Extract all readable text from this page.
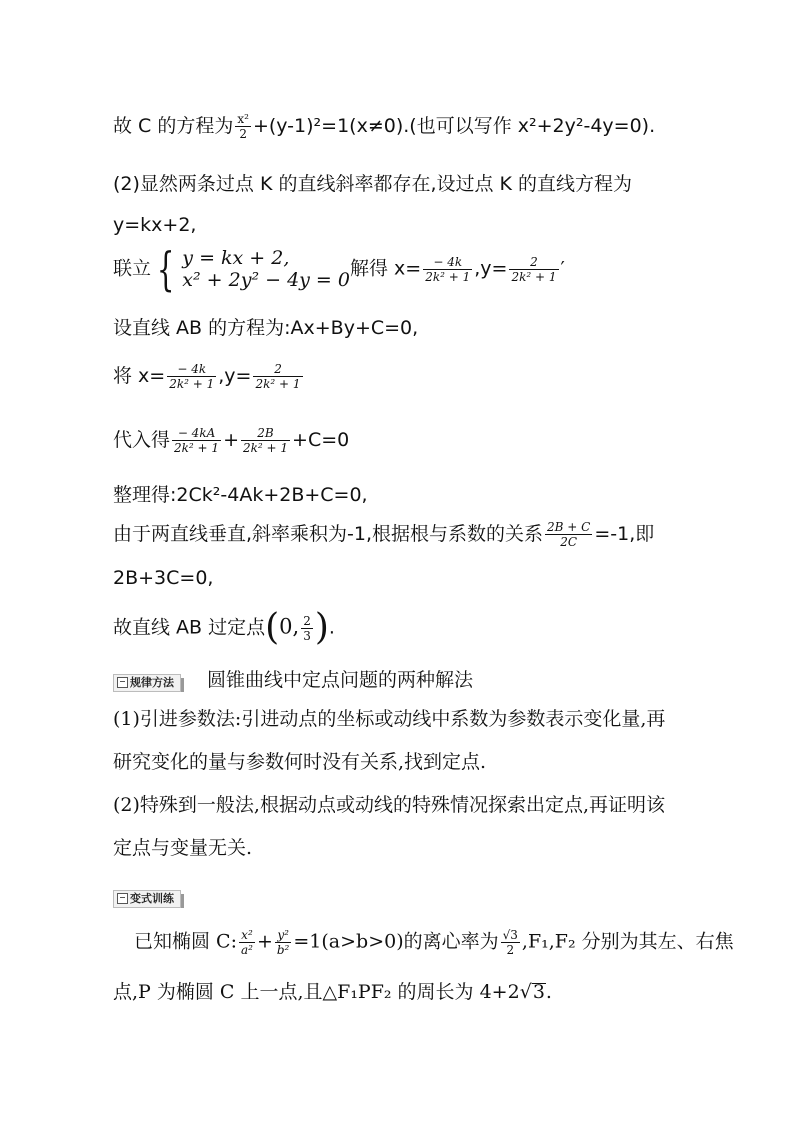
故 C 的方程为 $\frac{\text{x²}}{2} +(y-1)^2=1(x\ne 0)$.(也可以写作 x²+2y²-4y=0).
(2)显然两条过点 K 的直线斜率都存在,设过点 K 的直线方程为
y=kx+2,
联立 { y = kx + 2,
x² + 2y² − 4y = 0
解得 $x= \frac{- 4k}{\text{2k² + 1}} ,y= \frac{2}{\text{2k² + 1}}$ ′
设直线 AB 的方程为:Ax+By+C=0,
将 $x= \frac{- 4k}{\text{2k² + 1}} ,y= \frac{2}{\text{2k² + 1}}$
代入得 $\frac{- 4kA}{\text{2k² + 1}} + \frac{2B}{\text{2k² + 1}} +C=0$
整理得:2Ck²-4Ak+2B+C=0,
由于两直线垂直,斜率乘积为-1,根据根与系数的关系 $\frac{2B + C}{2C} =-1$,即
2B+3C=0,
故直线 AB 过定点(0, $\frac{2}{3}$ ).
规律方法 圆锥曲线中定点问题的两种解法
(1)引进参数法:引进动点的坐标或动线中系数为参数表示变化量,再
研究变化的量与参数何时没有关系,找到定点.
(2)特殊到一般法,根据动点或动线的特殊情况探索出定点,再证明该
定点与变量无关.
变式训练
已知椭圆 C: $\frac{\text{x²}}{\text{a²}} + \frac{\text{y²}}{\text{b²}} =1(a>b>0)$的离心率为 $\frac{√3}{2} ,F_1,F_2$ 分别为其左、右焦
点,P 为椭圆 C 上一点,且△F₁PF₂ 的周长为 4+2√3.
